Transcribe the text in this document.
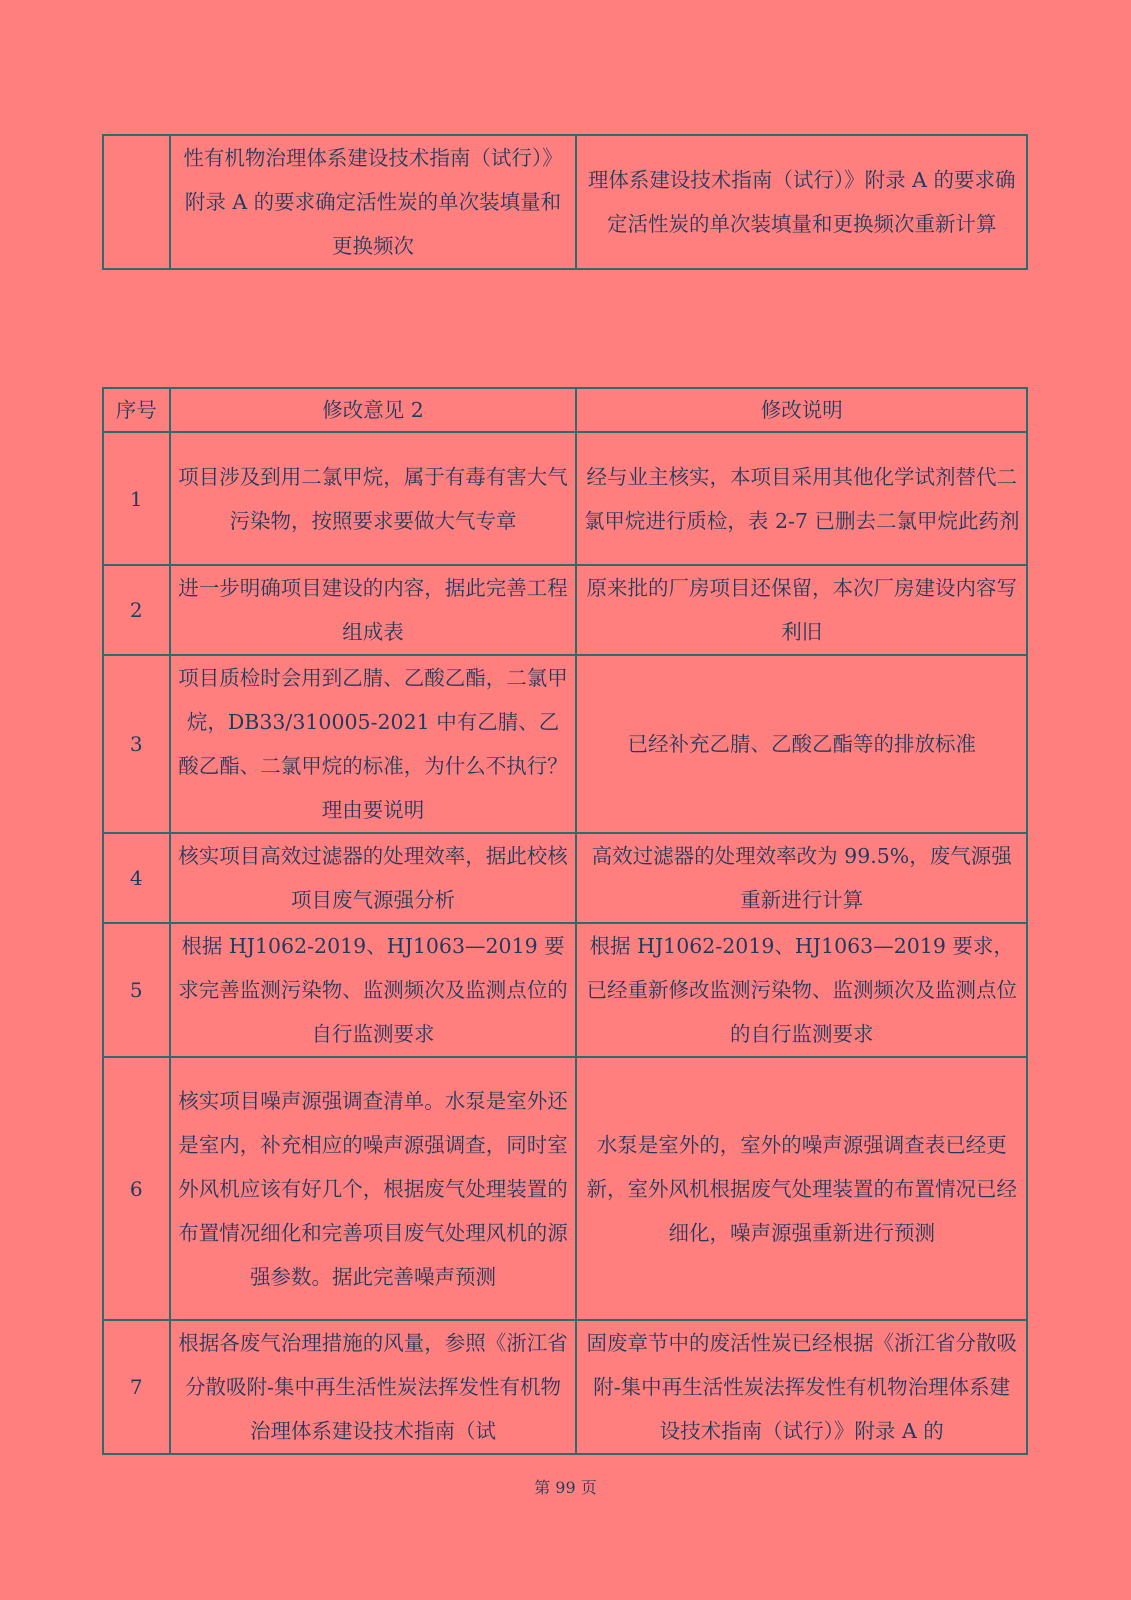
	性有机物治理体系建设技术指南（试行）》附录 A 的要求确定活性炭的单次装填量和更换频次	理体系建设技术指南（试行）》附录 A 的要求确定活性炭的单次装填量和更换频次重新计算
序号	修改意见 2	修改说明
1	项目涉及到用二氯甲烷，属于有毒有害大气污染物，按照要求要做大气专章	经与业主核实，本项目采用其他化学试剂替代二氯甲烷进行质检，表 2-7 已删去二氯甲烷此药剂
2	进一步明确项目建设的内容，据此完善工程组成表	原来批的厂房项目还保留，本次厂房建设内容写利旧
3	项目质检时会用到乙腈、乙酸乙酯，二氯甲烷，DB33/310005-2021 中有乙腈、乙酸乙酯、二氯甲烷的标准，为什么不执行？理由要说明	已经补充乙腈、乙酸乙酯等的排放标准
4	核实项目高效过滤器的处理效率，据此校核项目废气源强分析	高效过滤器的处理效率改为 99.5%，废气源强重新进行计算
5	根据 HJ1062-2019、HJ1063—2019 要求完善监测污染物、监测频次及监测点位的自行监测要求	根据 HJ1062-2019、HJ1063—2019 要求，已经重新修改监测污染物、监测频次及监测点位的自行监测要求
6	核实项目噪声源强调查清单。水泵是室外还是室内，补充相应的噪声源强调查，同时室外风机应该有好几个，根据废气处理装置的布置情况细化和完善项目废气处理风机的源强参数。据此完善噪声预测	水泵是室外的，室外的噪声源强调查表已经更新，室外风机根据废气处理装置的布置情况已经细化，噪声源强重新进行预测
7	根据各废气治理措施的风量，参照《浙江省分散吸附-集中再生活性炭法挥发性有机物治理体系建设技术指南（试	固废章节中的废活性炭已经根据《浙江省分散吸附-集中再生活性炭法挥发性有机物治理体系建设技术指南（试行）》附录 A 的
第 99 页
